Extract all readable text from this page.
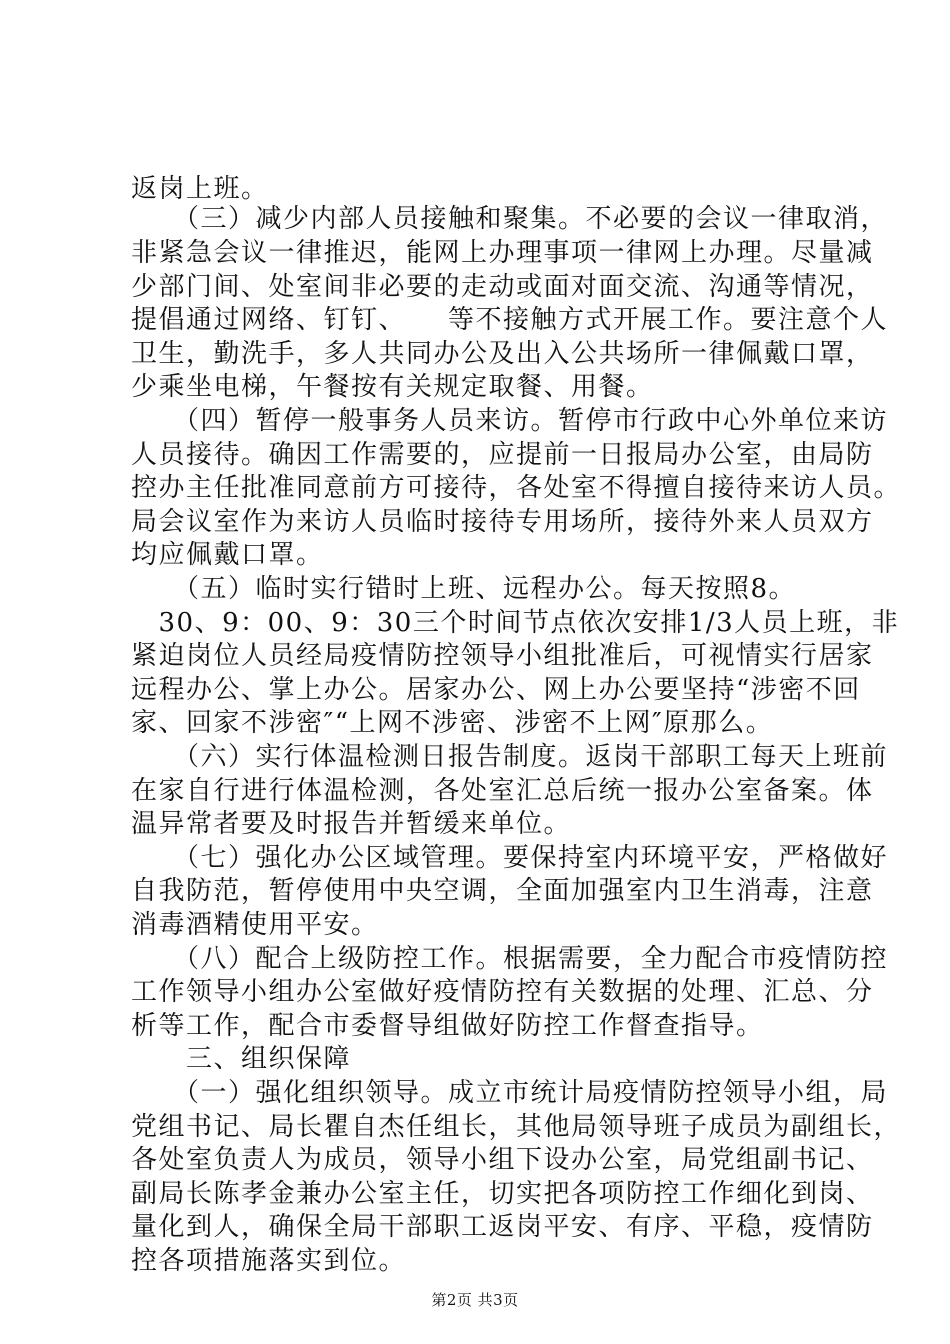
返岗上班。
　　（三）减少内部人员接触和聚集。不必要的会议一律取消，
非紧急会议一律推迟，能网上办理事项一律网上办理。尽量减
少部门间、处室间非必要的走动或面对面交流、沟通等情况，
提倡通过网络、钉钉、　　等不接触方式开展工作。要注意个人
卫生，勤洗手，多人共同办公及出入公共场所一律佩戴口罩，
少乘坐电梯，午餐按有关规定取餐、用餐。
　　（四）暂停一般事务人员来访。暂停市行政中心外单位来访
人员接待。确因工作需要的，应提前一日报局办公室，由局防
控办主任批准同意前方可接待，各处室不得擅自接待来访人员。
局会议室作为来访人员临时接待专用场所，接待外来人员双方
均应佩戴口罩。
　　（五）临时实行错时上班、远程办公。每天按照8。
　30、9：00、9：30三个时间节点依次安排1/3人员上班，非
紧迫岗位人员经局疫情防控领导小组批准后，可视情实行居家
远程办公、掌上办公。居家办公、网上办公要坚持“涉密不回
家、回家不涉密″“上网不涉密、涉密不上网″原那么。
　　（六）实行体温检测日报告制度。返岗干部职工每天上班前
在家自行进行体温检测，各处室汇总后统一报办公室备案。体
温异常者要及时报告并暂缓来单位。
　　（七）强化办公区域管理。要保持室内环境平安，严格做好
自我防范，暂停使用中央空调，全面加强室内卫生消毒，注意
消毒酒精使用平安。
　　（八）配合上级防控工作。根据需要，全力配合市疫情防控
工作领导小组办公室做好疫情防控有关数据的处理、汇总、分
析等工作，配合市委督导组做好防控工作督查指导。
　　三、组织保障
　　（一）强化组织领导。成立市统计局疫情防控领导小组，局
党组书记、局长瞿自杰任组长，其他局领导班子成员为副组长，
各处室负责人为成员，领导小组下设办公室，局党组副书记、
副局长陈孝金兼办公室主任，切实把各项防控工作细化到岗、
量化到人，确保全局干部职工返岗平安、有序、平稳，疫情防
控各项措施落实到位。
第2页 共3页
